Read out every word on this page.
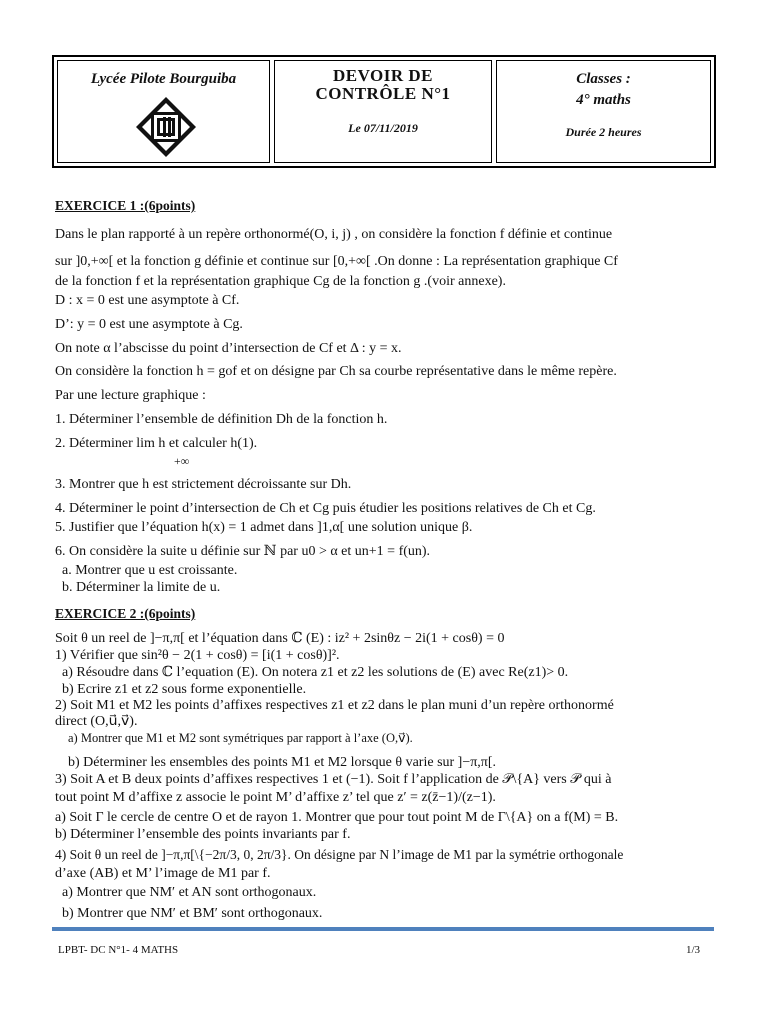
Lycée Pilote Bourguiba	DEVOIR DE
CONTRÔLE N°1
Le 07/11/2019
Classes :
4° maths
Durée 2 heures
EXERCICE 1 :(6points)
Dans le plan rapporté à un repère orthonormé(O, i, j) , on considère la fonction f définie et continue
sur ]0,+∞[ et la fonction g définie et continue sur [0,+∞[ .On donne : La représentation graphique Cf
de la fonction f et la représentation graphique Cg de la fonction g .(voir annexe).
D : x = 0 est une asymptote à Cf.
D’: y = 0 est une asymptote à Cg.
On note α l’abscisse du point d’intersection de Cf et Δ : y = x.
On considère la fonction h = gof et on désigne par Ch sa courbe représentative dans le même repère.
Par une lecture graphique :
1. Déterminer l’ensemble de définition Dh de la fonction h.
2. Déterminer lim h et calculer h(1).
+∞
3. Montrer que h est strictement décroissante sur Dh.
4. Déterminer le point d’intersection de Ch et Cg puis étudier les positions relatives de Ch et Cg.
5. Justifier que l’équation h(x) = 1 admet dans ]1,α[ une solution unique β.
6. On considère la suite u définie sur ℕ par u0 > α et un+1 = f(un).
a. Montrer que u est croissante.
b. Déterminer la limite de u.
EXERCICE 2 :(6points)
Soit θ un reel de ]−π,π[ et l’équation dans ℂ (E) : iz² + 2sinθz − 2i(1 + cosθ) = 0
1) Vérifier que sin²θ − 2(1 + cosθ) = [i(1 + cosθ)]².
a) Résoudre dans ℂ l’equation (E). On notera z1 et z2 les solutions de (E) avec Re(z1)> 0.
b) Ecrire z1 et z2 sous forme exponentielle.
2) Soit M1 et M2 les points d’affixes respectives z1 et z2 dans le plan muni d’un repère orthonormé
direct (O,u⃗,v⃗).
a) Montrer que M1 et M2 sont symétriques par rapport à l’axe (O,v⃗).
b) Déterminer les ensembles des points M1 et M2 lorsque θ varie sur ]−π,π[.
3) Soit A et B deux points d’affixes respectives 1 et (−1). Soit f l’application de 𝒫\{A} vers 𝒫 qui à
tout point M d’affixe z associe le point M’ d’affixe z’ tel que z′ = z(z̄−1)/(z−1).
a) Soit Γ le cercle de centre O et de rayon 1. Montrer que pour tout point M de Γ\{A} on a f(M) = B.
b) Déterminer l’ensemble des points invariants par f.
4) Soit θ un reel de ]−π,π[\{−2π/3, 0, 2π/3}. On désigne par N l’image de M1 par la symétrie orthogonale
d’axe (AB) et M’ l’image de M1 par f.
a) Montrer que NM′ et AN sont orthogonaux.
b) Montrer que NM′ et BM′ sont orthogonaux.
LPBT- DC N°1- 4 MATHS	1/3
